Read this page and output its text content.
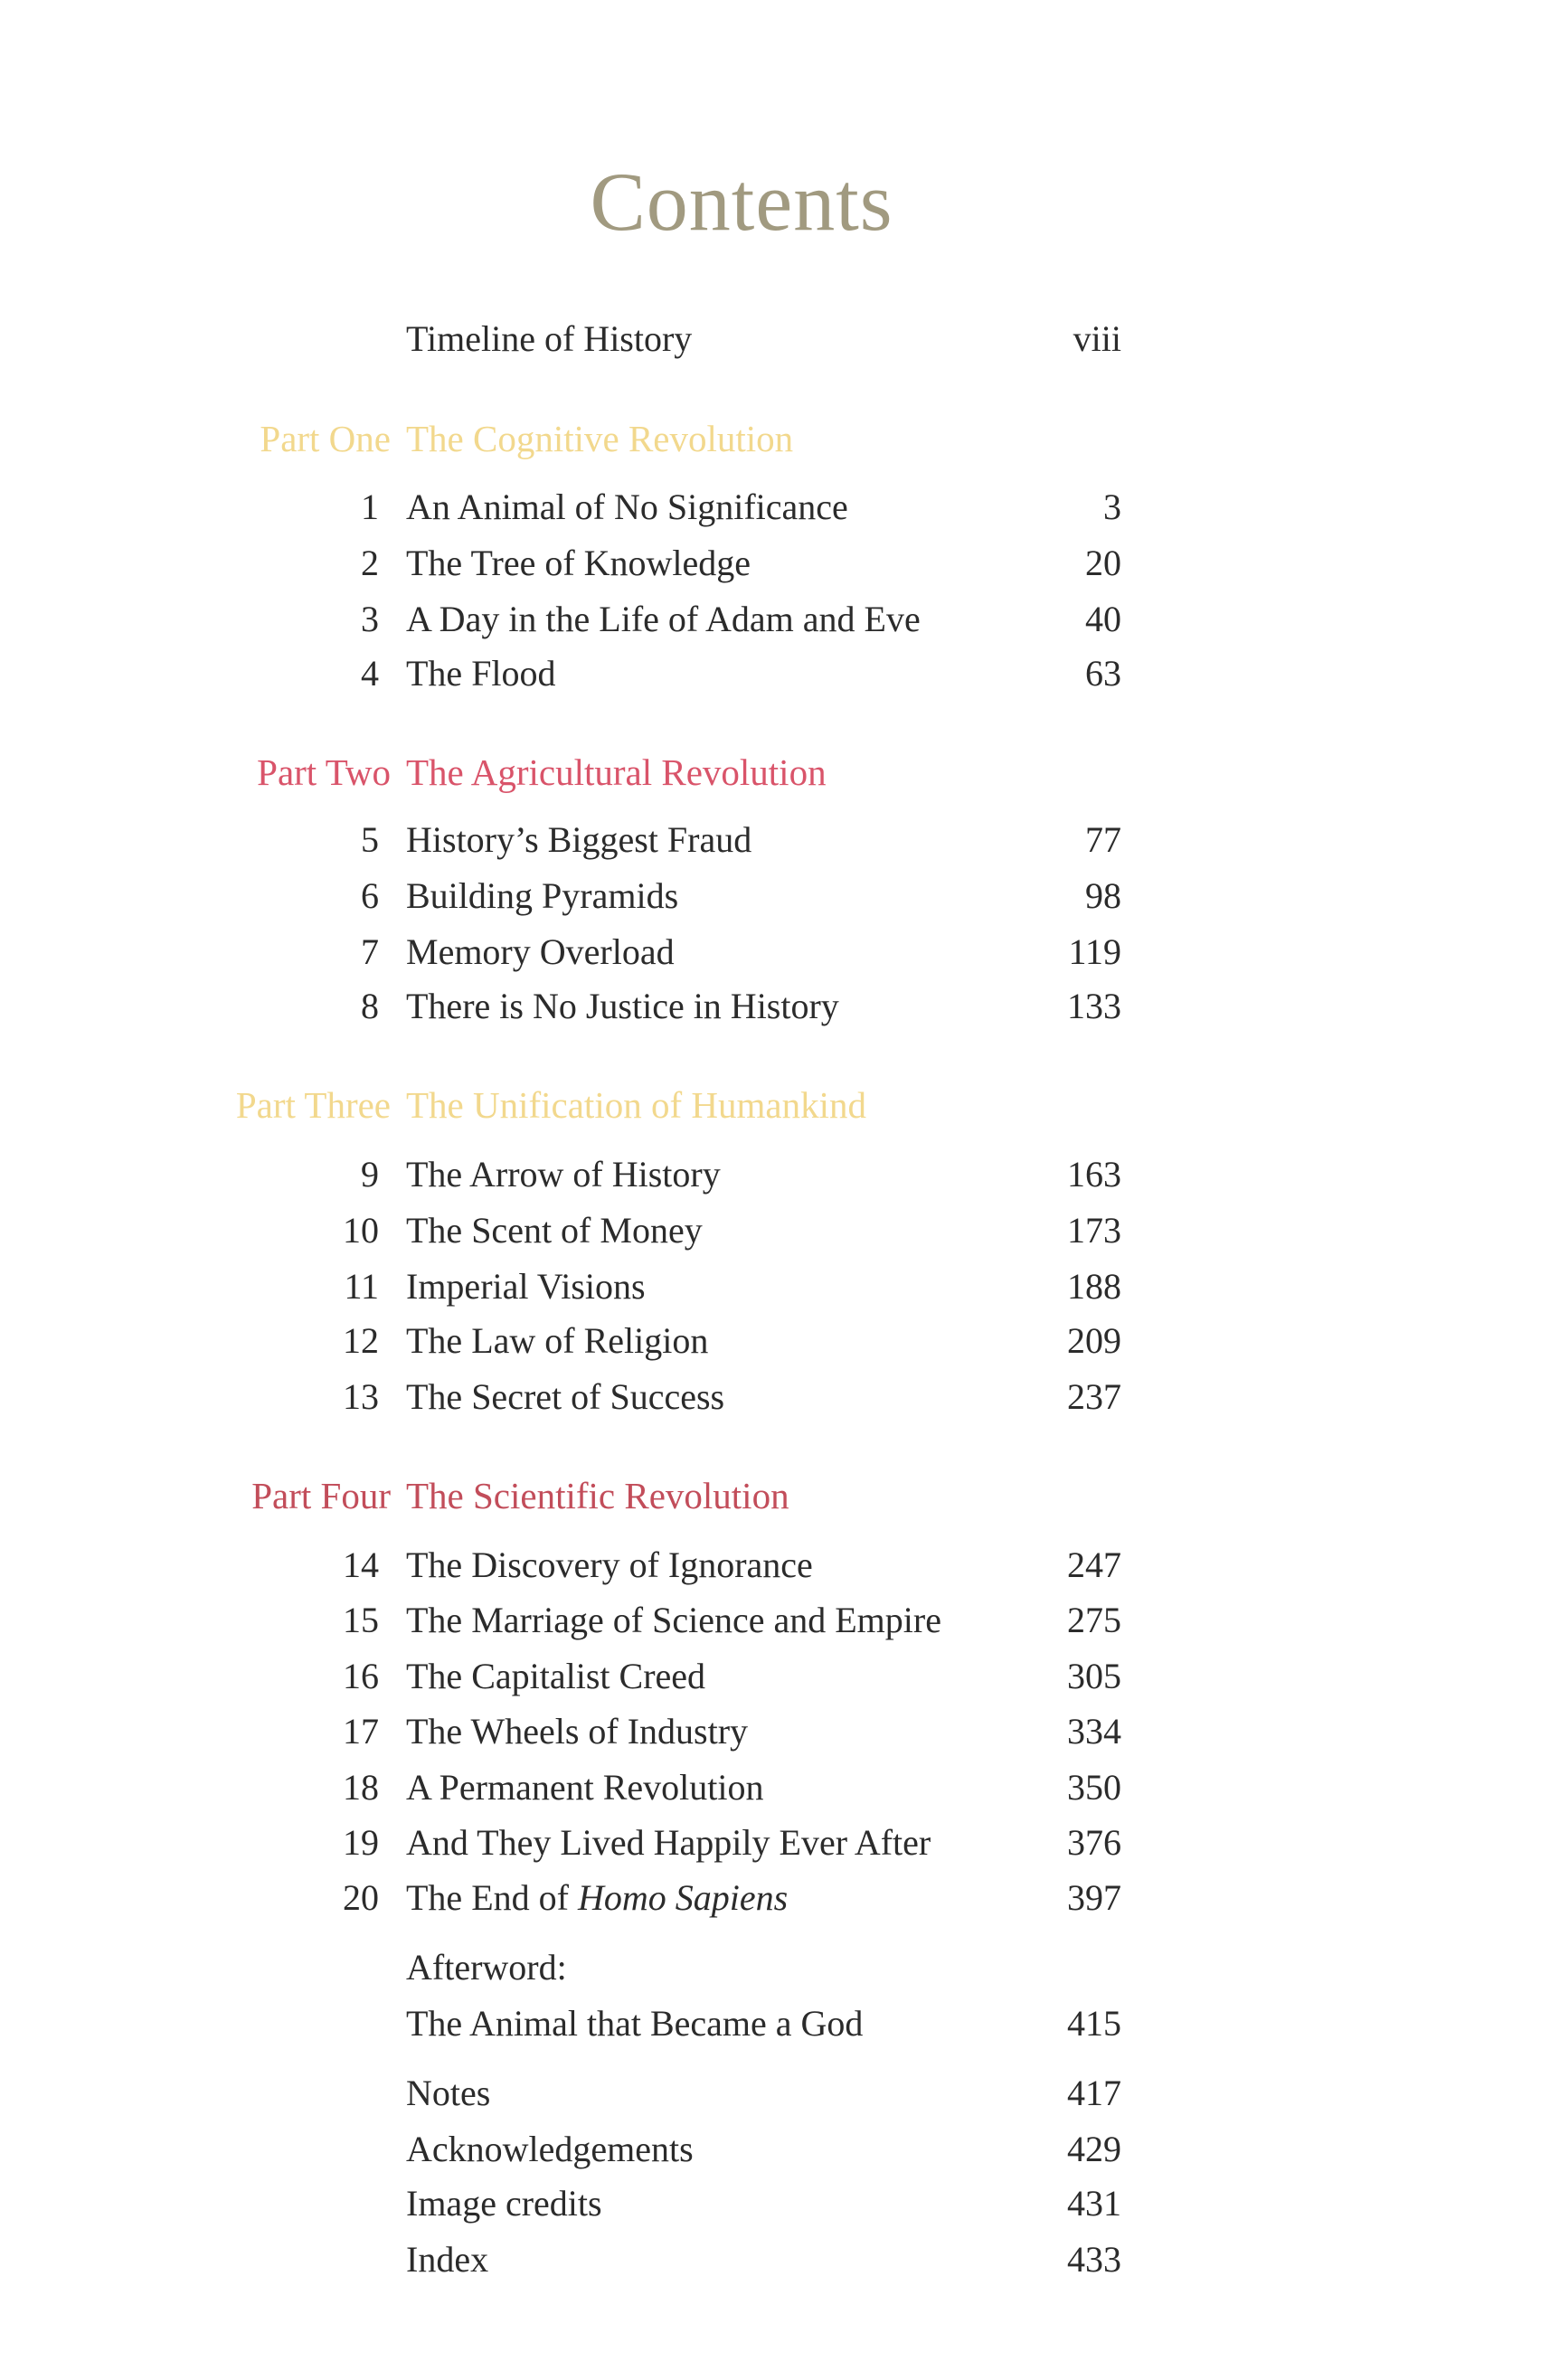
Contents
Timeline of History	viii
Part One The Cognitive Revolution
1 An Animal of No Significance	3
2 The Tree of Knowledge	20
3 A Day in the Life of Adam and Eve	40
4 The Flood	63
Part Two The Agricultural Revolution
5 History’s Biggest Fraud	77
6 Building Pyramids	98
7 Memory Overload	119
8 There is No Justice in History	133
Part Three The Unification of Humankind
9 The Arrow of History	163
10 The Scent of Money	173
11 Imperial Visions	188
12 The Law of Religion	209
13 The Secret of Success	237
Part Four The Scientific Revolution
14 The Discovery of Ignorance	247
15 The Marriage of Science and Empire	275
16 The Capitalist Creed	305
17 The Wheels of Industry	334
18 A Permanent Revolution	350
19 And They Lived Happily Ever After	376
20 The End of Homo Sapiens	397
Afterword:
The Animal that Became a God	415
Notes	417
Acknowledgements	429
Image credits	431
Index	433
